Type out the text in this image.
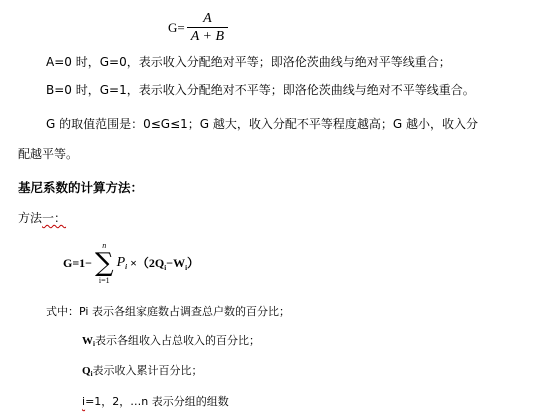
$G= \frac{A}{A + B}$
A=0 时，G=0，表示收入分配绝对平等；即洛伦茨曲线与绝对平等线重合；
B=0 时，G=1，表示收入分配绝对不平等；即洛伦茨曲线与绝对不平等线重合。
G 的取值范围是：0≤G≤1；G 越大，收入分配不平等程度越高；G 越小，收入分
配越平等。
基尼系数的计算方法：
方法一：
G=1−
n
∑
i=1
$P_i \times(2Q_i-W_i)$
式中：Pi 表示各组家庭数占调查总户数的百分比；
$W_i$表示各组收入占总收入的百分比；
$Q_i$表示收入累计百分比；
i=1，2，…n 表示分组的组数
